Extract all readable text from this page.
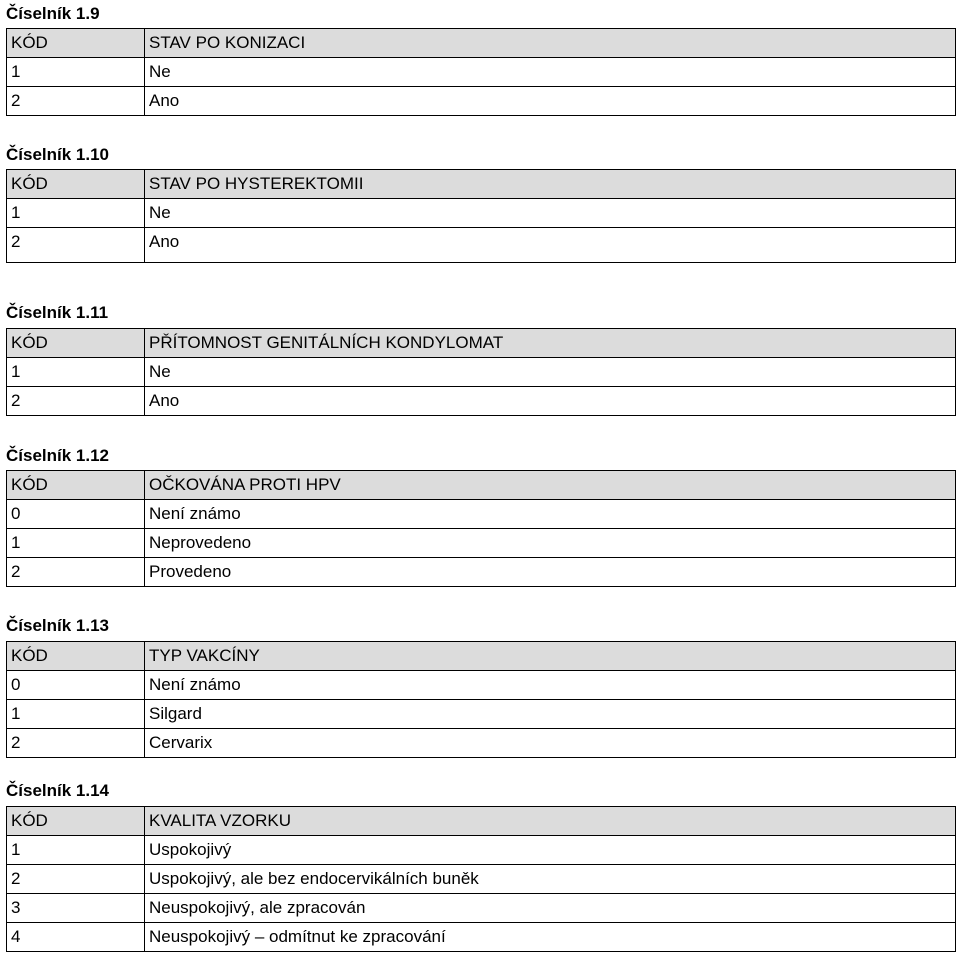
Číselník 1.9
KÓD	STAV PO KONIZACI
1	Ne
2	Ano
Číselník 1.10
KÓD	STAV PO HYSTEREKTOMII
1	Ne
2	Ano
Číselník 1.11
KÓD	PŘÍTOMNOST GENITÁLNÍCH KONDYLOMAT
1	Ne
2	Ano
Číselník 1.12
KÓD	OČKOVÁNA PROTI HPV
0	Není známo
1	Neprovedeno
2	Provedeno
Číselník 1.13
KÓD	TYP VAKCÍNY
0	Není známo
1	Silgard
2	Cervarix
Číselník 1.14
KÓD	KVALITA VZORKU
1	Uspokojivý
2	Uspokojivý, ale bez endocervikálních buněk
3	Neuspokojivý, ale zpracován
4	Neuspokojivý – odmítnut ke zpracování
